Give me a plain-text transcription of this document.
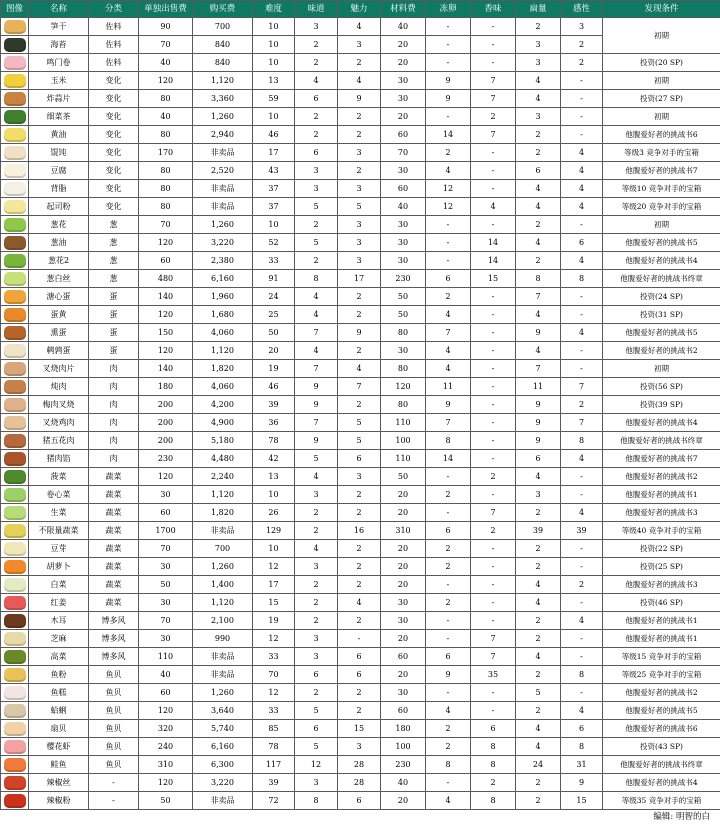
图像	名称	分类	单独出售费	购买费	难度	味道	魅力	材料费	冻卵	香味	扁量	感性	发现条件

	笋干	佐料	90	700	10	3	4	40	-	-	2	3	初期

	海苔	佐料	70	840	10	2	3	20	-	-	3	2	

	鸣门卷	佐料	40	840	10	2	2	20	-	-	3	2	投资(20 SP)

	玉米	变化	120	1,120	13	4	4	30	9	7	4	-	初期

	炸蒜片	变化	80	3,360	59	6	9	30	9	7	4	-	投资(27 SP)

	细菜茶	变化	40	1,260	10	2	2	20	-	2	3	-	初期

	黄油	变化	80	2,940	46	2	2	60	14	7	2	-	他腹爱好者的挑战书6

	馄饨	变化	170	非卖品	17	6	3	70	2	-	2	4	等级3 竞争对手的宝箱

	豆腐	变化	80	2,520	43	3	2	30	4	-	6	4	他腹爱好者的挑战书7

	背脂	变化	80	非卖品	37	3	3	60	12	-	4	4	等级10 竞争对手的宝箱

	起司粉	变化	80	非卖品	37	5	5	40	12	4	4	4	等级20 竞争对手的宝箱

	葱花	葱	70	1,260	10	2	3	30	-	-	2	-	初期

	葱油	葱	120	3,220	52	5	3	30	-	14	4	6	他腹爱好者的挑战书5

	葱花2	葱	60	2,380	33	2	3	30	-	14	2	4	他腹爱好者的挑战书4

	葱白丝	葱	480	6,160	91	8	17	230	6	15	8	8	他腹爱好者的挑战书终章

	溏心蛋	蛋	140	1,960	24	4	2	50	2	-	7	-	投资(24 SP)

	蛋黄	蛋	120	1,680	25	4	2	50	4	-	4	-	投资(31 SP)

	熏蛋	蛋	150	4,060	50	7	9	80	7	-	9	4	他腹爱好者的挑战书5

	鹌鹑蛋	蛋	120	1,120	20	4	2	30	4	-	4	-	他腹爱好者的挑战书2

	叉烧肉片	肉	140	1,820	19	7	4	80	4	-	7	-	初期

	炖肉	肉	180	4,060	46	9	7	120	11	-	11	7	投资(56 SP)

	梅肉叉烧	肉	200	4,200	39	9	2	80	9	-	9	2	投资(39 SP)

	叉烧鸡肉	肉	200	4,900	36	7	5	110	7	-	9	7	他腹爱好者的挑战书4

	猪五花肉	肉	200	5,180	78	9	5	100	8	-	9	8	他腹爱好者的挑战书终章

	猪肉馅	肉	230	4,480	42	5	6	110	14	-	6	4	他腹爱好者的挑战书7

	菠菜	蔬菜	120	2,240	13	4	3	50	-	2	4	-	他腹爱好者的挑战书2

	卷心菜	蔬菜	30	1,120	10	3	2	20	2	-	3	-	他腹爱好者的挑战书1

	生菜	蔬菜	60	1,820	26	2	2	20	-	7	2	4	他腹爱好者的挑战书3

	不限量蔬菜	蔬菜	1700	非卖品	129	2	16	310	6	2	39	39	等级40 竞争对手的宝箱

	豆芽	蔬菜	70	700	10	4	2	20	2	-	2	-	投资(22 SP)

	胡萝卜	蔬菜	30	1,260	12	3	2	20	2	-	2	-	投资(25 SP)

	白菜	蔬菜	50	1,400	17	2	2	20	-	-	4	2	他腹爱好者的挑战书3

	红姜	蔬菜	30	1,120	15	2	4	30	2	-	4	-	投资(46 SP)

	木耳	博多风	70	2,100	19	2	2	30	-	-	2	4	他腹爱好者的挑战书1

	芝麻	博多风	30	990	12	3	-	20	-	7	2	-	他腹爱好者的挑战书1

	高菜	博多风	110	非卖品	33	3	6	60	6	7	4	-	等级15 竞争对手的宝箱

	鱼粉	鱼贝	40	非卖品	70	6	6	20	9	35	2	8	等级25 竞争对手的宝箱

	鱼糕	鱼贝	60	1,260	12	2	2	30	-	-	5	-	他腹爱好者的挑战书2

	蛤蜊	鱼贝	120	3,640	33	5	2	60	4	-	2	4	他腹爱好者的挑战书5

	扇贝	鱼贝	320	5,740	85	6	15	180	2	6	4	6	他腹爱好者的挑战书6

	樱花虾	鱼贝	240	6,160	78	5	3	100	2	8	4	8	投资(43 SP)

	鲑鱼	鱼贝	310	6,300	117	12	28	230	8	8	24	31	他腹爱好者的挑战书终章

	辣椒丝	-	120	3,220	39	3	28	40	-	2	2	9	他腹爱好者的挑战书4

	辣椒粉	-	50	非卖品	72	8	6	20	4	8	2	15	等级35 竞争对手的宝箱
编辑: 明智的白
